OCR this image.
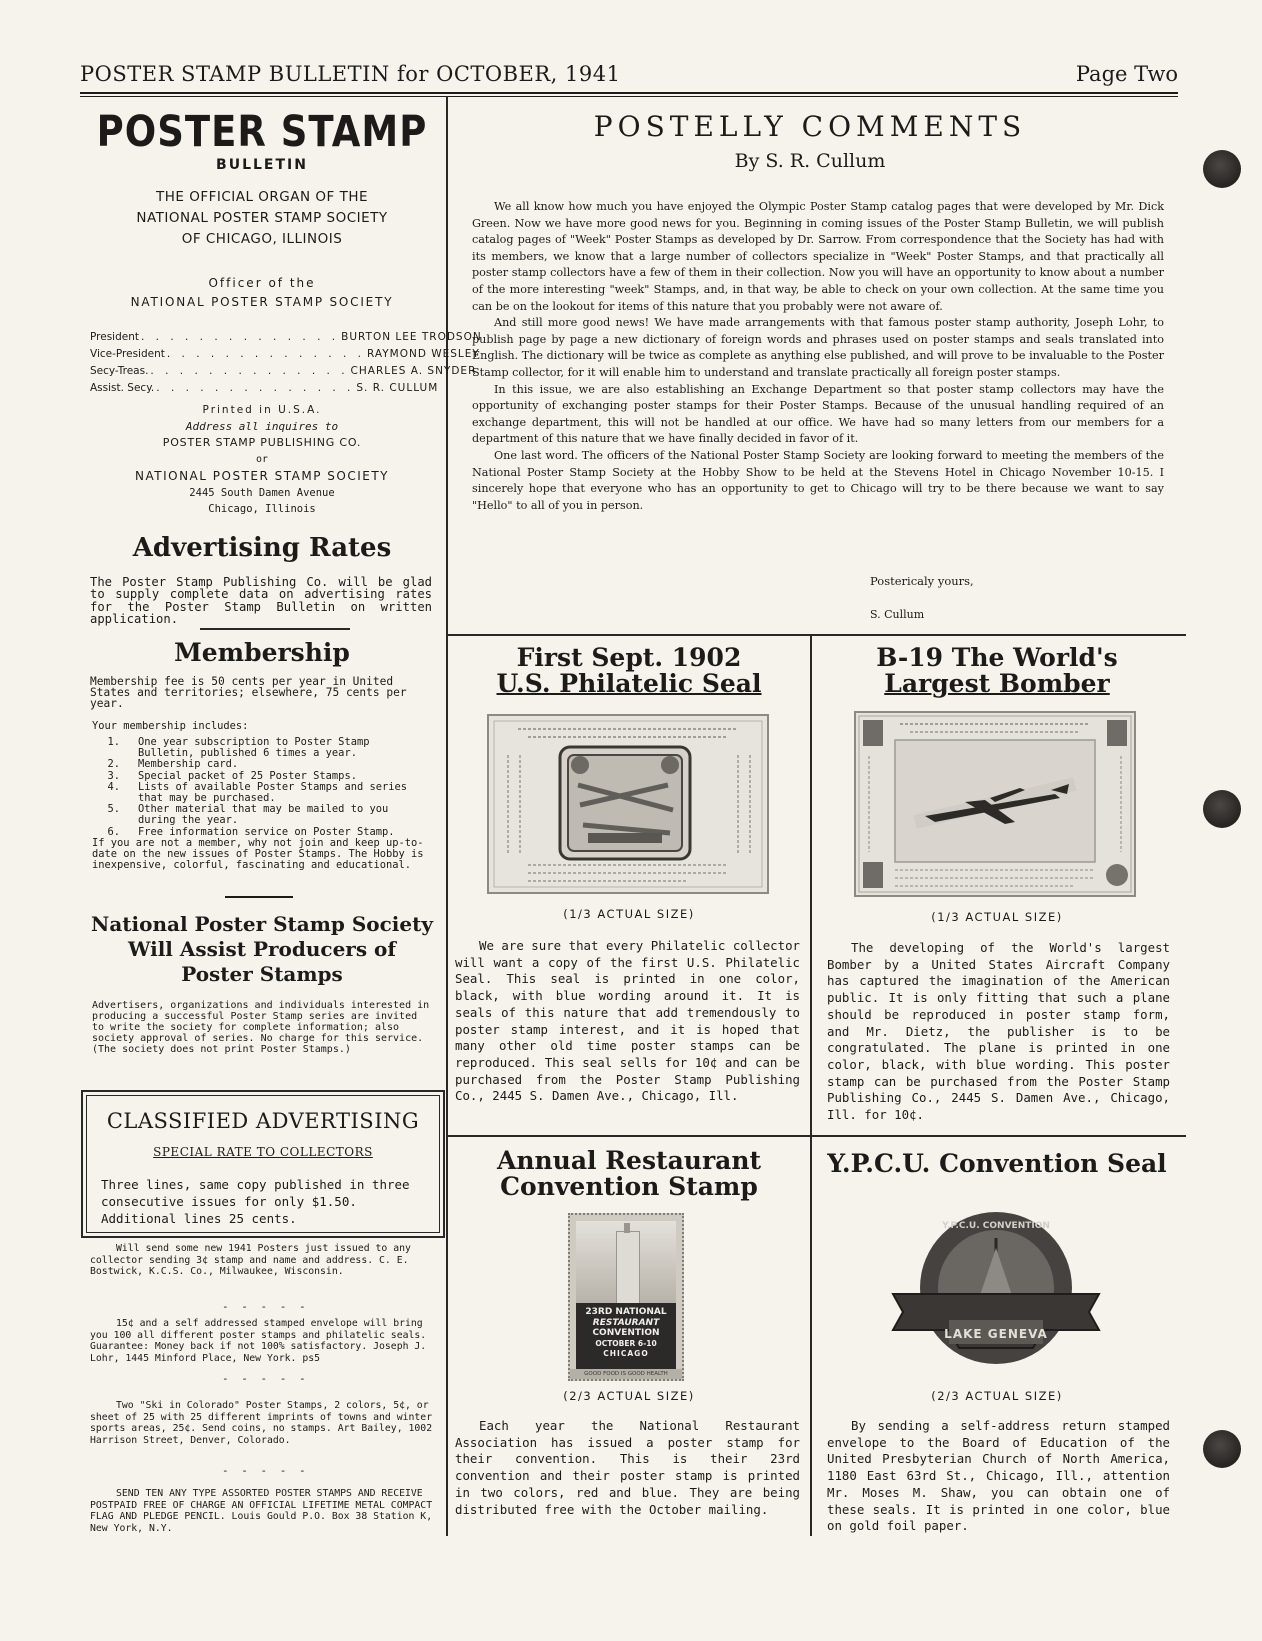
POSTER STAMP BULLETIN for OCTOBER, 1941	Page Two
POSTER STAMP
BULLETIN
THE OFFICIAL ORGAN OF THE
NATIONAL POSTER STAMP SOCIETY
OF CHICAGO, ILLINOIS
Officer of the
NATIONAL POSTER STAMP SOCIETY
President . . . . . . . . . . . . . . BURTON LEE TRODSON
Vice-President . . . . . . . . . . . . . . RAYMOND WESLEY
Secy-Treas. . . . . . . . . . . . . . . CHARLES A. SNYDER
Assist. Secy. . . . . . . . . . . . . . . S. R. CULLUM
Printed in U.S.A.
Address all inquires to
POSTER STAMP PUBLISHING CO.
or
NATIONAL POSTER STAMP SOCIETY
2445 South Damen Avenue
Chicago, Illinois
Advertising Rates
The Poster Stamp Publishing Co. will be glad to supply complete data on advertising rates for the Poster Stamp Bulletin on written application.
Membership
Membership fee is 50 cents per year in United States and territories; elsewhere, 75 cents per year.
Your membership includes:
1.	One year subscription to Poster Stamp Bulletin, published 6 times a year.
2.	Membership card.
3.	Special packet of 25 Poster Stamps.
4.	Lists of available Poster Stamps and series that may be purchased.
5.	Other material that may be mailed to you during the year.
6.	Free information service on Poster Stamp.
If you are not a member, why not join and keep up-to-date on the new issues of Poster Stamps. The Hobby is inexpensive, colorful, fascinating and educational.
National Poster Stamp Society
Will Assist Producers of
Poster Stamps
Advertisers, organizations and individuals interested in producing a successful Poster Stamp series are invited to write the society for complete information; also society approval of series. No charge for this service. (The society does not print Poster Stamps.)
CLASSIFIED ADVERTISING
SPECIAL RATE TO COLLECTORS
Three lines, same copy published in three consecutive issues for only $1.50. Additional lines 25 cents.
Will send some new 1941 Posters just issued to any collector sending 3¢ stamp and name and address. C. E. Bostwick, K.C.S. Co., Milwaukee, Wisconsin.
- - - - -
15¢ and a self addressed stamped envelope will bring you 100 all different poster stamps and philatelic seals. Guarantee: Money back if not 100% satisfactory. Joseph J. Lohr, 1445 Minford Place, New York. ps5
- - - - -
Two "Ski in Colorado" Poster Stamps, 2 colors, 5¢, or sheet of 25 with 25 different imprints of towns and winter sports areas, 25¢. Send coins, no stamps. Art Bailey, 1002 Harrison Street, Denver, Colorado.
- - - - -
SEND TEN ANY TYPE ASSORTED POSTER STAMPS AND RECEIVE POSTPAID FREE OF CHARGE AN OFFICIAL LIFETIME METAL COMPACT FLAG AND PLEDGE PENCIL. Louis Gould P.O. Box 38 Station K, New York, N.Y.
POSTELLY COMMENTS
By S. R. Cullum

We all know how much you have enjoyed the Olympic Poster Stamp catalog pages that were developed by Mr. Dick Green. Now we have more good news for you. Beginning in coming issues of the Poster Stamp Bulletin, we will publish catalog pages of "Week" Poster Stamps as developed by Dr. Sarrow. From correspondence that the Society has had with its members, we know that a large number of collectors specialize in "Week" Poster Stamps, and that practically all poster stamp collectors have a few of them in their collection. Now you will have an opportunity to know about a number of the more interesting "week" Stamps, and, in that way, be able to check on your own collection. At the same time you can be on the lookout for items of this nature that you probably were not aware of.

And still more good news! We have made arrangements with that famous poster stamp authority, Joseph Lohr, to publish page by page a new dictionary of foreign words and phrases used on poster stamps and seals translated into English. The dictionary will be twice as complete as anything else published, and will prove to be invaluable to the Poster Stamp collector, for it will enable him to understand and translate practically all foreign poster stamps.

In this issue, we are also establishing an Exchange Department so that poster stamp collectors may have the opportunity of exchanging poster stamps for their Poster Stamps. Because of the unusual handling required of an exchange department, this will not be handled at our office. We have had so many letters from our members for a department of this nature that we have finally decided in favor of it.

One last word. The officers of the National Poster Stamp Society are looking forward to meeting the members of the National Poster Stamp Society at the Hobby Show to be held at the Stevens Hotel in Chicago November 10-15. I sincerely hope that everyone who has an opportunity to get to Chicago will try to be there because we want to say "Hello" to all of you in person.

Postericaly yours,
S. Cullum
First Sept. 1902
U.S. Philatelic Seal
(1/3 ACTUAL SIZE)

We are sure that every Philatelic collector will want a copy of the first U.S. Philatelic Seal. This seal is printed in one color, black, with blue wording around it. It is seals of this nature that add tremendously to poster stamp interest, and it is hoped that many other old time poster stamps can be reproduced. This seal sells for 10¢ and can be purchased from the Poster Stamp Publishing Co., 2445 S. Damen Ave., Chicago, Ill.

B-19 The World's
Largest Bomber
(1/3 ACTUAL SIZE)

The developing of the World's largest Bomber by a United States Aircraft Company has captured the imagination of the American public. It is only fitting that such a plane should be reproduced in poster stamp form, and Mr. Dietz, the publisher is to be congratulated. The plane is printed in one color, black, with blue wording. This poster stamp can be purchased from the Poster Stamp Publishing Co., 2445 S. Damen Ave., Chicago, Ill. for 10¢.

Annual Restaurant
Convention Stamp
23RD NATIONAL
RESTAURANT
CONVENTION
OCTOBER 6-10
CHICAGO
GOOD FOOD IS GOOD HEALTH
(2/3 ACTUAL SIZE)

Each year the National Restaurant Association has issued a poster stamp for their convention. This is their 23rd convention and their poster stamp is printed in two colors, red and blue. They are being distributed free with the October mailing.

Y.P.C.U. Convention Seal
Y.P.C.U. CONVENTION
LAKE GENEVA
(2/3 ACTUAL SIZE)

By sending a self-address return stamped envelope to the Board of Education of the United Presbyterian Church of North America, 1180 East 63rd St., Chicago, Ill., attention Mr. Moses M. Shaw, you can obtain one of these seals. It is printed in one color, blue on gold foil paper.
